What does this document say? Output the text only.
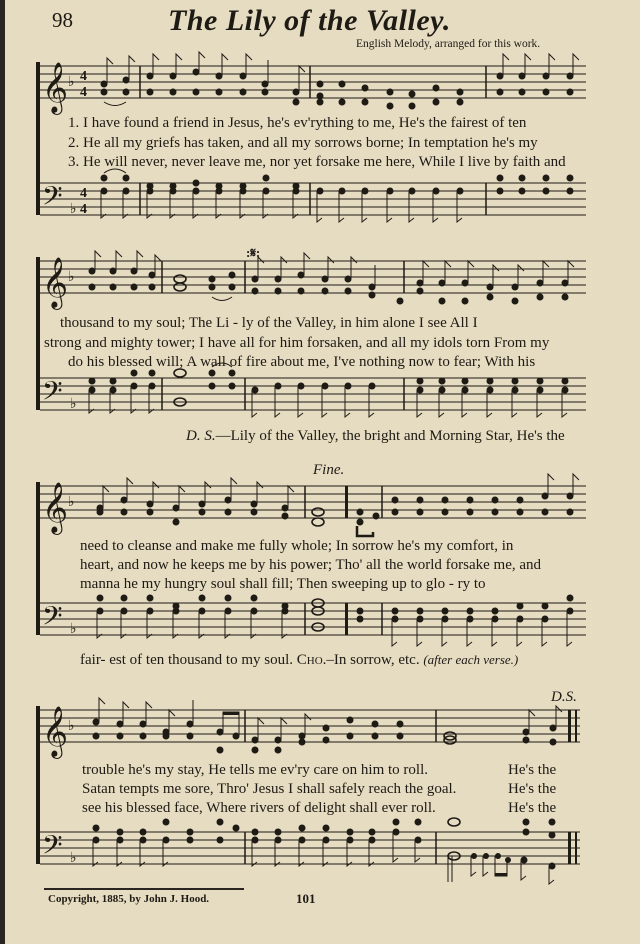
98	The Lily of the Valley.
English Melody, arranged for this work.
𝄞
𝄢
♭
♭
4
4
4
4
1. I have found a friend in Jesus, he's ev'rything to me, He's the fairest of ten
2. He all my griefs has taken, and all my sorrows borne; In temptation he's my
3. He will never, never leave me, nor yet forsake me here, While I live by faith and
𝄞
𝄢
♭
♭
:𝄋:
thousand to my soul; The Li - ly of the Valley, in him alone I see All I
strong and mighty tower; I have all for him forsaken, and all my idols torn From my
do his blessed will; A wall of fire about me, I've nothing now to fear; With his
D. S.—Lily of the Valley, the bright and Morning Star, He's the
Fine.
𝄞
𝄢
♭
♭
need to cleanse and make me fully whole; In sorrow he's my comfort, in
heart, and now he keeps me by his power; Tho' all the world forsake me, and
manna he my hungry soul shall fill; Then sweeping up to glo - ry to
fair- est of ten thousand to my soul. Cho.–In sorrow, etc. (after each verse.)
D.S.
𝄞
𝄢
♭
♭
trouble he's my stay, He tells me ev'ry care on him to roll.
Satan tempts me sore, Thro' Jesus I shall safely reach the goal.
see his blessed face, Where rivers of delight shall ever roll.
He's the
He's the
He's the
Copyright, 1885, by John J. Hood.	101
